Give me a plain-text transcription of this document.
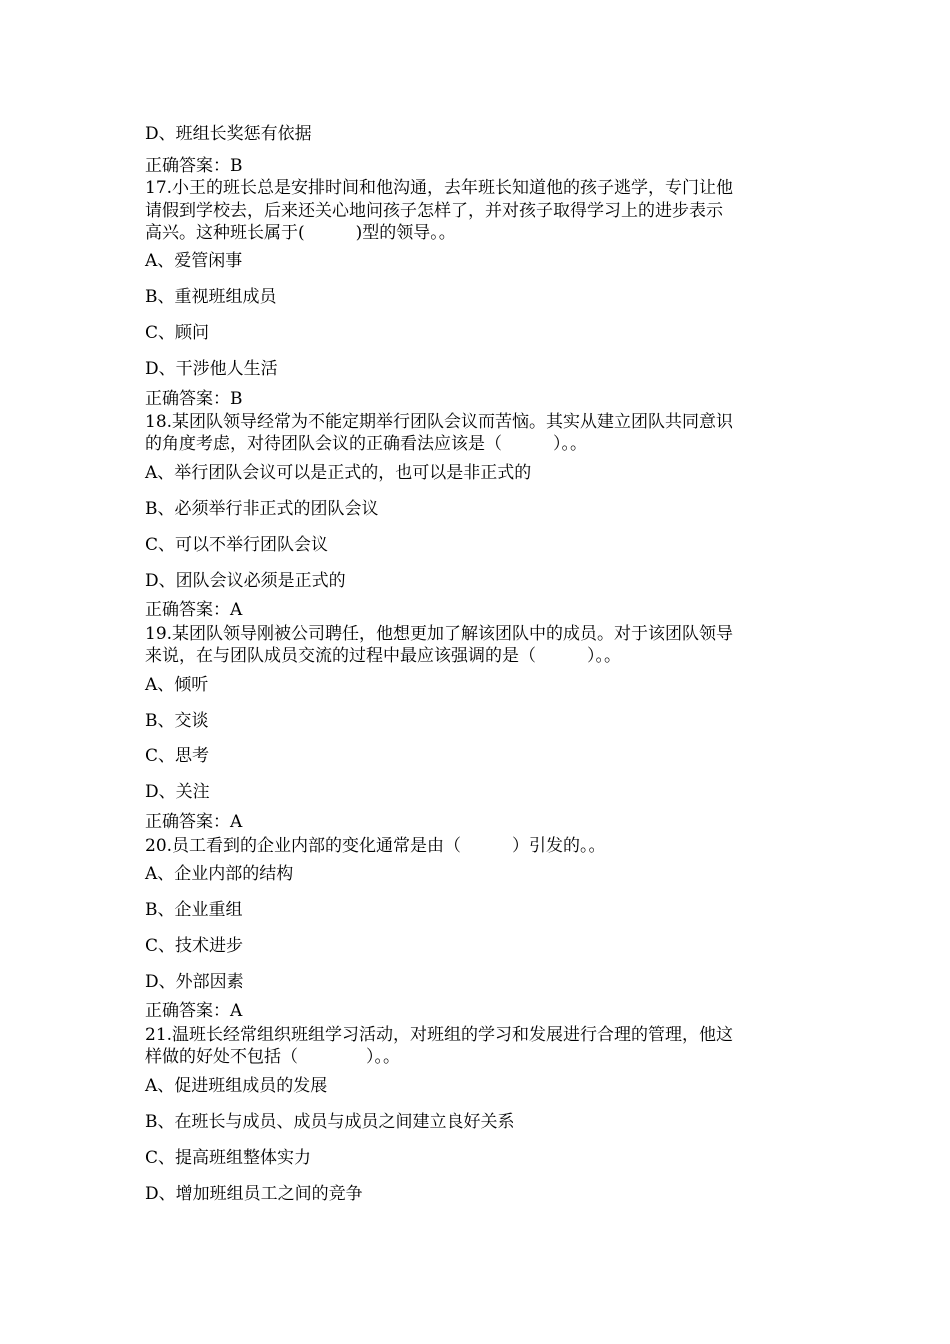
D、班组长奖惩有依据
正确答案：B
17.小王的班长总是安排时间和他沟通，去年班长知道他的孩子逃学，专门让他
请假到学校去，后来还关心地问孩子怎样了，并对孩子取得学习上的进步表示
高兴。这种班长属于(　　　)型的领导。。
A、爱管闲事
B、重视班组成员
C、顾问
D、干涉他人生活
正确答案：B
18.某团队领导经常为不能定期举行团队会议而苦恼。其实从建立团队共同意识
的角度考虑，对待团队会议的正确看法应该是（　　　）。。
A、举行团队会议可以是正式的，也可以是非正式的
B、必须举行非正式的团队会议
C、可以不举行团队会议
D、团队会议必须是正式的
正确答案：A
19.某团队领导刚被公司聘任，他想更加了解该团队中的成员。对于该团队领导
来说，在与团队成员交流的过程中最应该强调的是（　　　）。。
A、倾听
B、交谈
C、思考
D、关注
正确答案：A
20.员工看到的企业内部的变化通常是由（　　　）引发的。。
A、企业内部的结构
B、企业重组
C、技术进步
D、外部因素
正确答案：A
21.温班长经常组织班组学习活动，对班组的学习和发展进行合理的管理，他这
样做的好处不包括（　　　　）。。
A、促进班组成员的发展
B、在班长与成员、成员与成员之间建立良好关系
C、提高班组整体实力
D、增加班组员工之间的竞争
